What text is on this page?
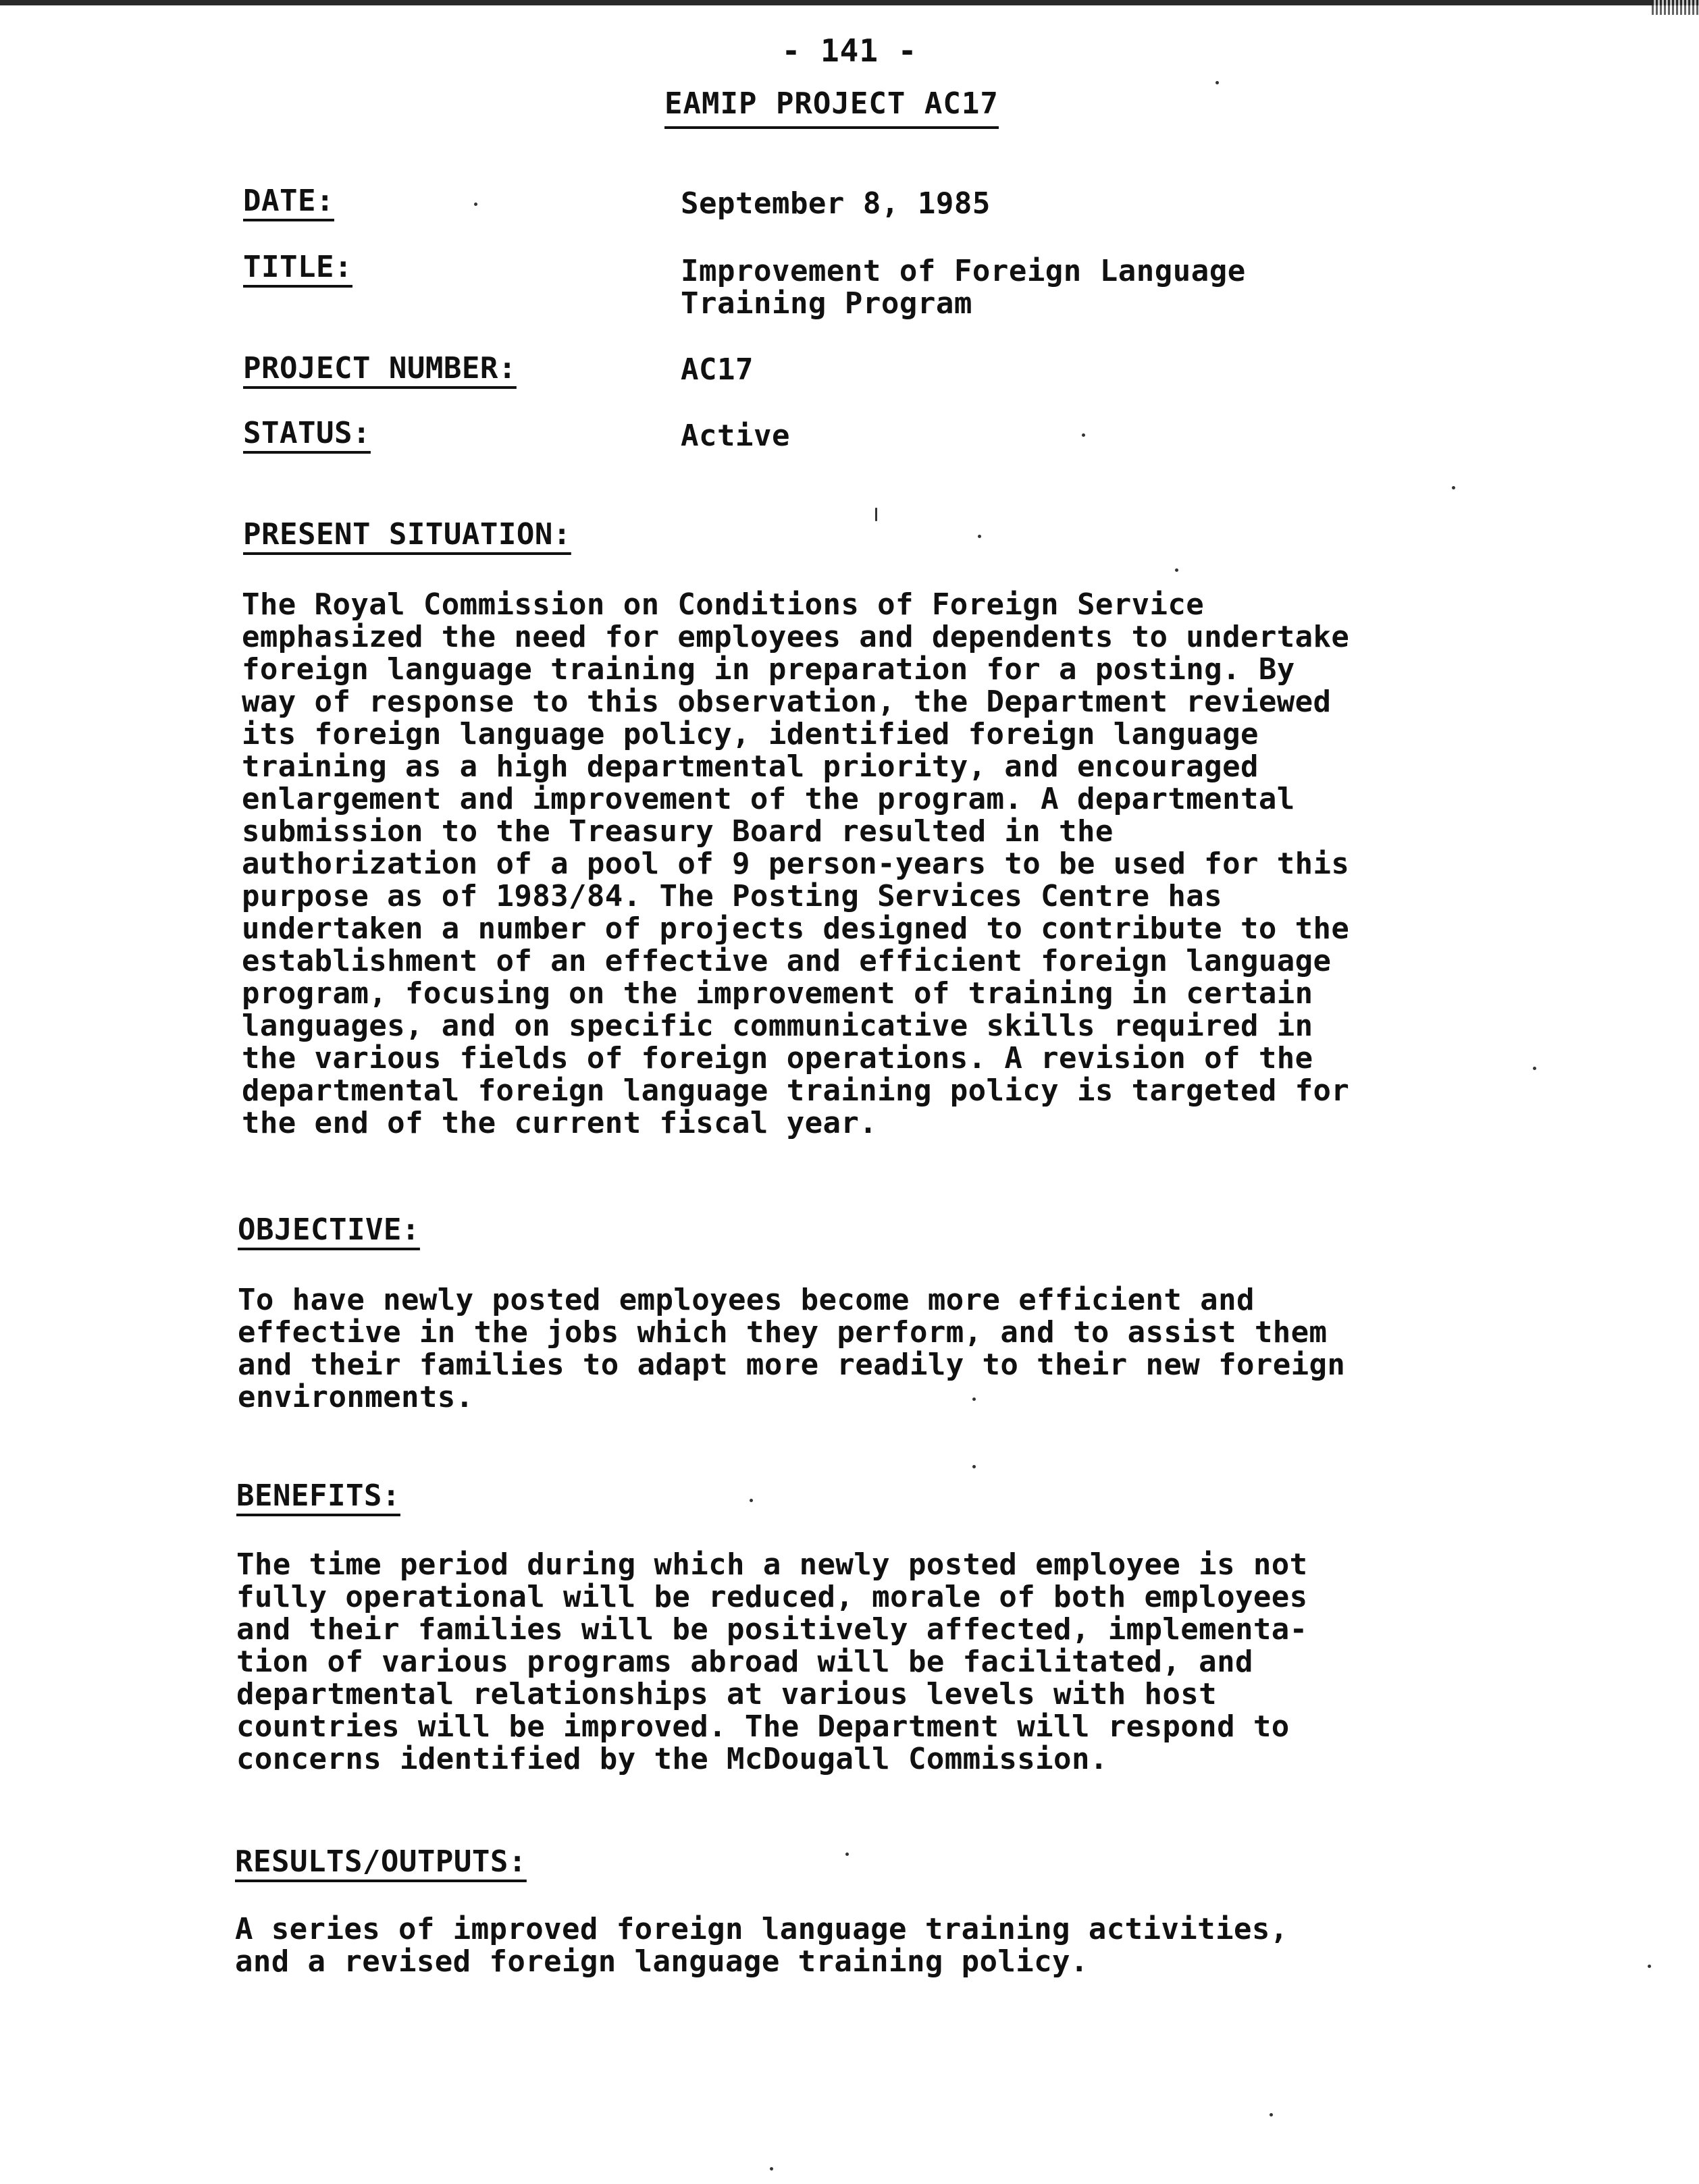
- 141 -
EAMIP PROJECT AC17
DATE:	September 8, 1985
TITLE:	Improvement of Foreign Language
Training Program
PROJECT NUMBER:	AC17
STATUS:	Active
PRESENT SITUATION:
The Royal Commission on Conditions of Foreign Service
emphasized the need for employees and dependents to undertake
foreign language training in preparation for a posting. By
way of response to this observation, the Department reviewed
its foreign language policy, identified foreign language
training as a high departmental priority, and encouraged
enlargement and improvement of the program. A departmental
submission to the Treasury Board resulted in the
authorization of a pool of 9 person-years to be used for this
purpose as of 1983/84. The Posting Services Centre has
undertaken a number of projects designed to contribute to the
establishment of an effective and efficient foreign language
program, focusing on the improvement of training in certain
languages, and on specific communicative skills required in
the various fields of foreign operations. A revision of the
departmental foreign language training policy is targeted for
the end of the current fiscal year.
OBJECTIVE:
To have newly posted employees become more efficient and
effective in the jobs which they perform, and to assist them
and their families to adapt more readily to their new foreign
environments.
BENEFITS:
The time period during which a newly posted employee is not
fully operational will be reduced, morale of both employees
and their families will be positively affected, implementa-
tion of various programs abroad will be facilitated, and
departmental relationships at various levels with host
countries will be improved. The Department will respond to
concerns identified by the McDougall Commission.
RESULTS/OUTPUTS:
A series of improved foreign language training activities,
and a revised foreign language training policy.
